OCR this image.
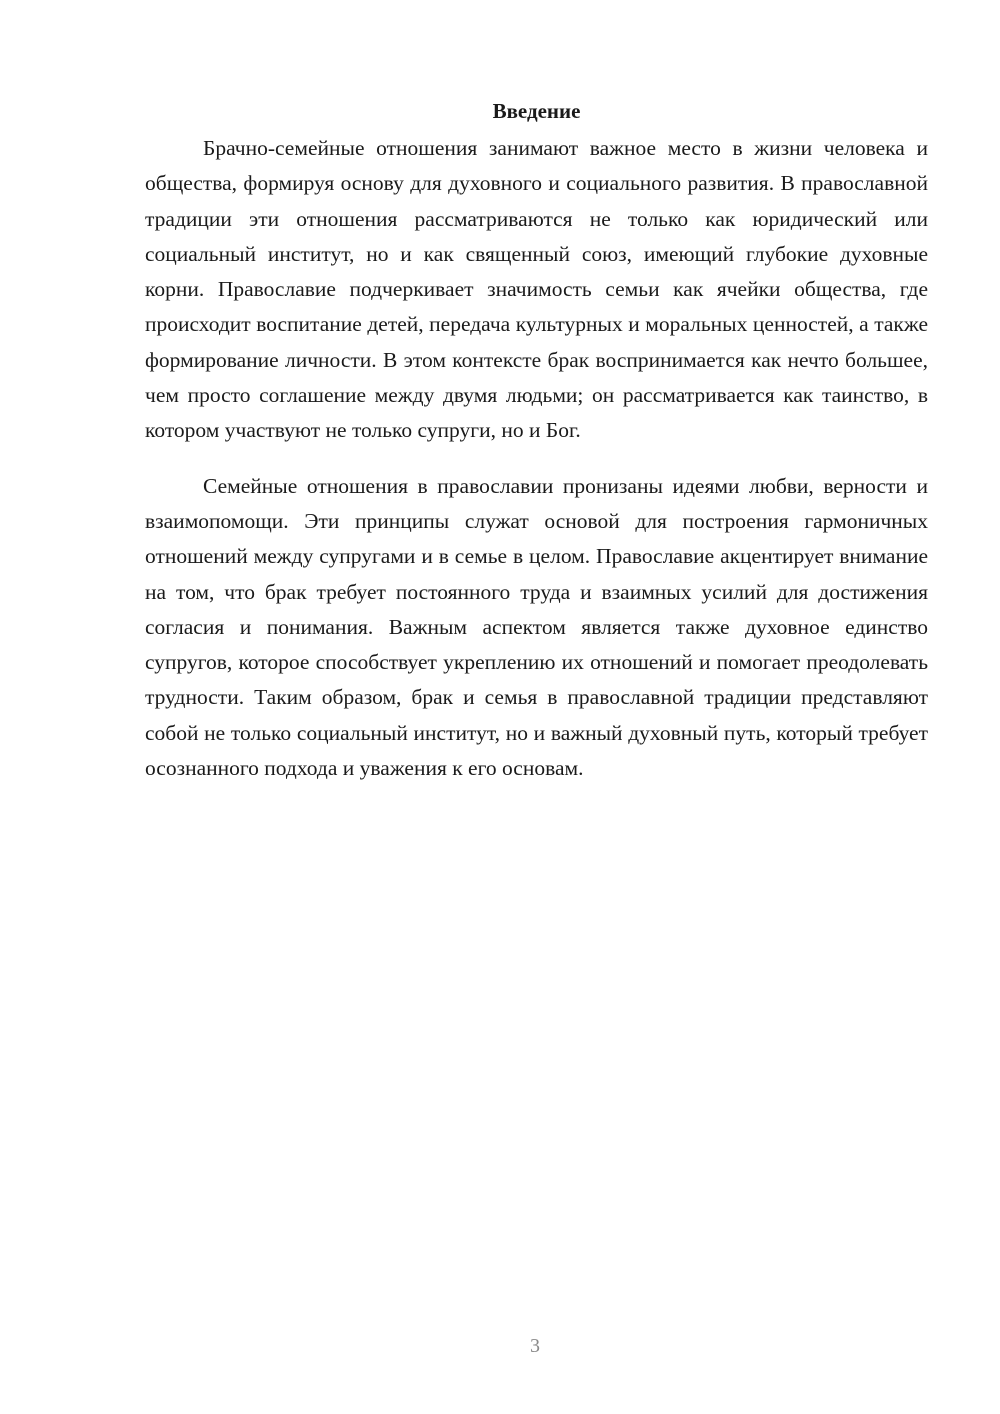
Введение

Брачно-семейные отношения занимают важное место в жизни человека и общества, формируя основу для духовного и социального развития. В православной традиции эти отношения рассматриваются не только как юридический или социальный институт, но и как священный союз, имеющий глубокие духовные корни. Православие подчеркивает значимость семьи как ячейки общества, где происходит воспитание детей, передача культурных и моральных ценностей, а также формирование личности. В этом контексте брак воспринимается как нечто большее, чем просто соглашение между двумя людьми; он рассматривается как таинство, в котором участвуют не только супруги, но и Бог.

Семейные отношения в православии пронизаны идеями любви, верности и взаимопомощи. Эти принципы служат основой для построения гармоничных отношений между супругами и в семье в целом. Православие акцентирует внимание на том, что брак требует постоянного труда и взаимных усилий для достижения согласия и понимания. Важным аспектом является также духовное единство супругов, которое способствует укреплению их отношений и помогает преодолевать трудности. Таким образом, брак и семья в православной традиции представляют собой не только социальный институт, но и важный духовный путь, который требует осознанного подхода и уважения к его основам.

3
